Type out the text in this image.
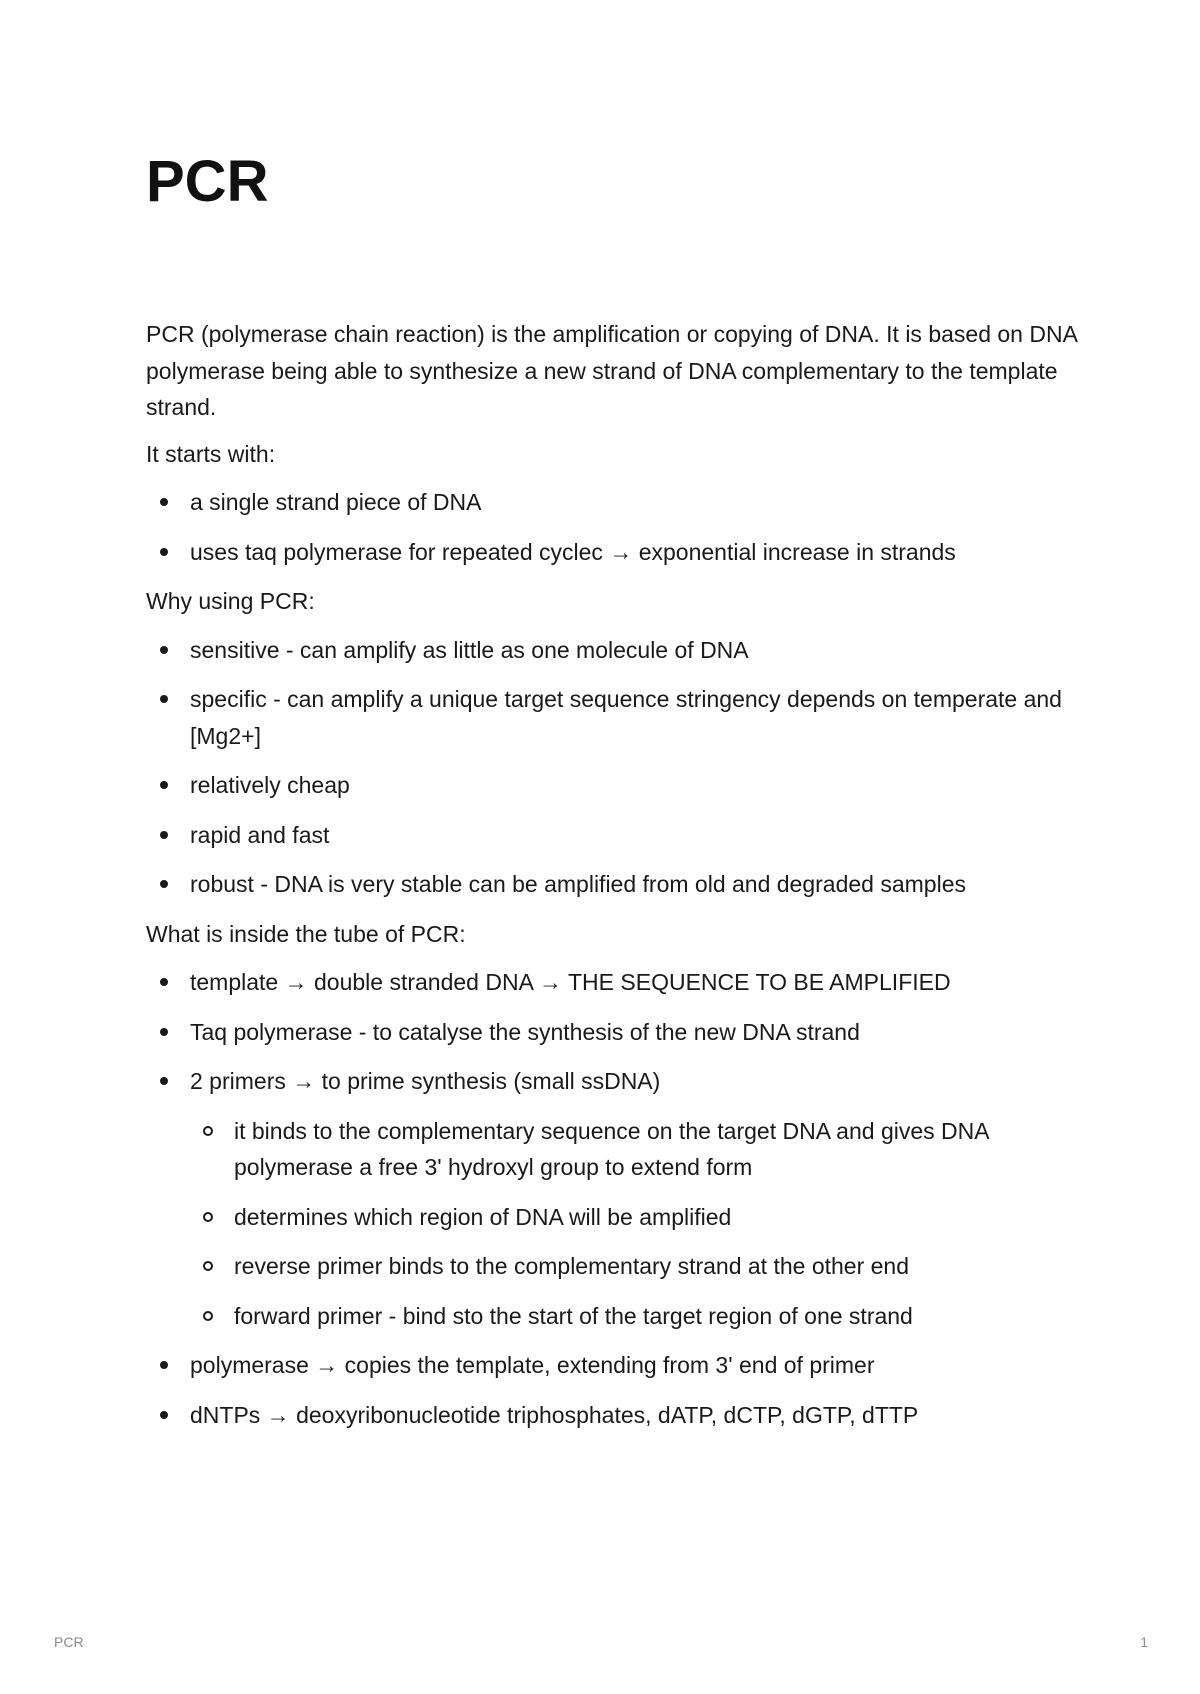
PCR

PCR (polymerase chain reaction) is the amplification or copying of DNA. It is based on DNA polymerase being able to synthesize a new strand of DNA complementary to the template strand.

It starts with:

a single strand piece of DNA
uses taq polymerase for repeated cyclec → exponential increase in strands

Why using PCR:

sensitive - can amplify as little as one molecule of DNA
specific - can amplify a unique target sequence stringency depends on temperate and [Mg2+]
relatively cheap
rapid and fast
robust - DNA is very stable can be amplified from old and degraded samples

What is inside the tube of PCR:

template → double stranded DNA → THE SEQUENCE TO BE AMPLIFIED
Taq polymerase - to catalyse the synthesis of the new DNA strand
2 primers → to prime synthesis (small ssDNA)
it binds to the complementary sequence on the target DNA and gives DNA polymerase a free 3' hydroxyl group to extend form
determines which region of DNA will be amplified
reverse primer binds to the complementary strand at the other end
forward primer - bind sto the start of the target region of one strand
polymerase → copies the template, extending from 3' end of primer
dNTPs → deoxyribonucleotide triphosphates, dATP, dCTP, dGTP, dTTP
PCR	1
